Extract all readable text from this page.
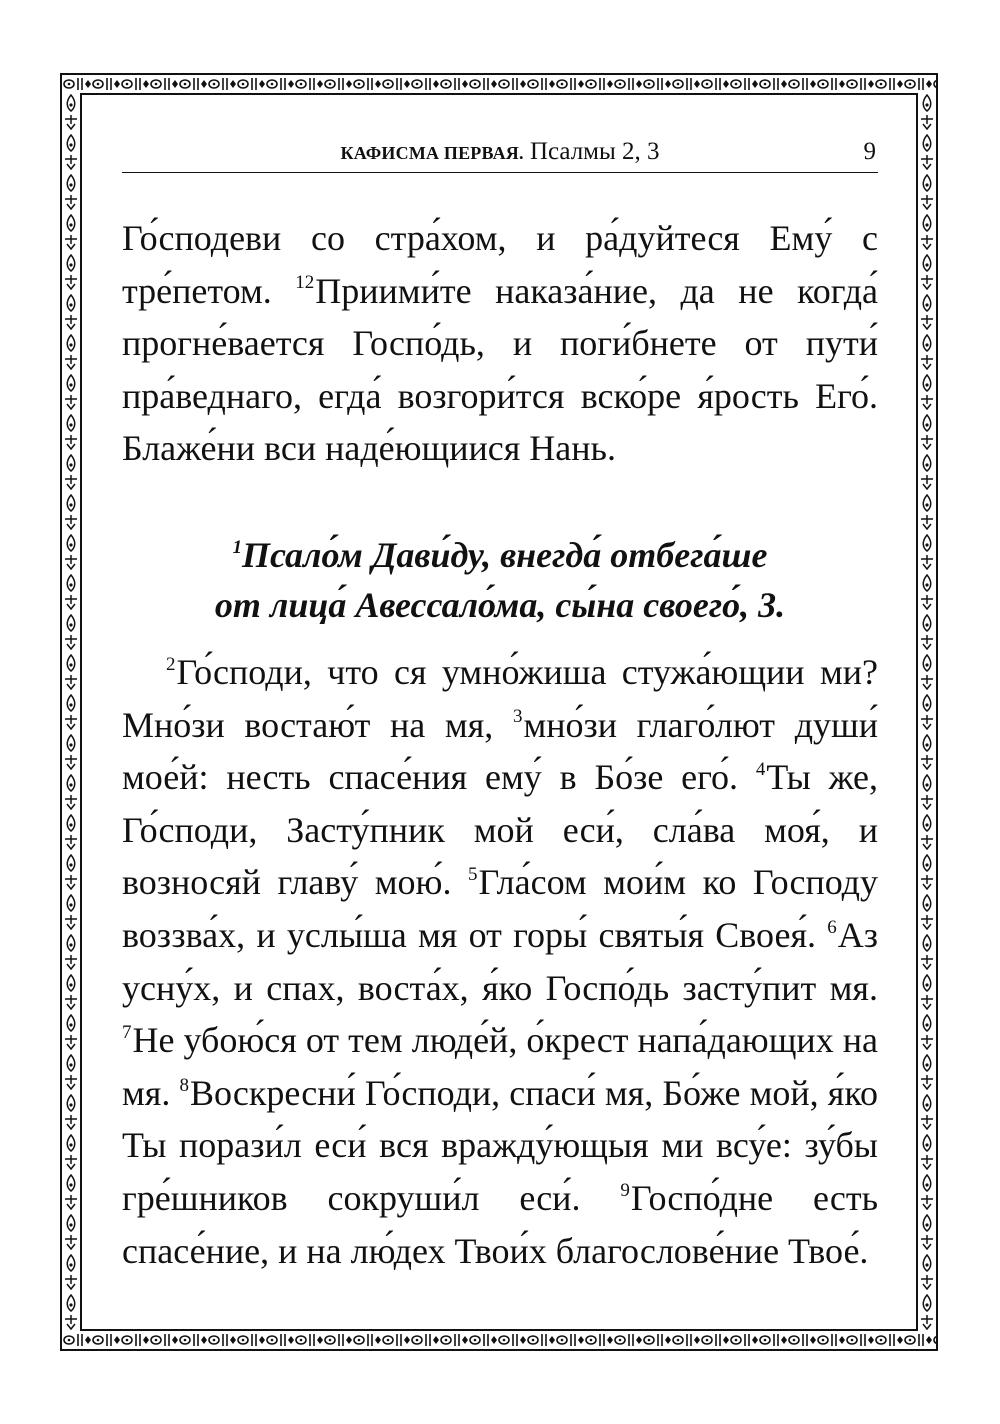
КАФИСМА ПЕРВАЯ. Псалмы 2, 3	9
Го́сподеви со стра́хом, и ра́дуйтеся Ему́ с тре́петом. $^{12}$Приими́те наказа́ние, да не когда́ прогне́вается Госпо́дь, и поги́бнете от пути́ пра́веднаго, егда́ возгори́тся вско́ре я́рость Его́. Блаже́ни вси наде́ющиися Нань.
$^1$Псало́м Дави́ду, внегда́ отбега́ше
от лица́ Авессало́ма, сы́на своего́, 3.
$^2$Го́споди, что ся умно́жиша стужа́ющии ми? Мно́зи востаю́т на мя, $^3$мно́зи глаго́лют души́ мое́й: несть спасе́ния ему́ в Бо́зе его́. $^4$Ты же, Го́споди, Засту́пник мой еси́, сла́ва моя́, и возносяй главу́ мою́. $^5$Гла́сом мои́м ко Господу воззва́х, и услы́ша мя от горы́ святы́я Своея́. $^6$Аз усну́х, и спах, воста́х, я́ко Госпо́дь засту́пит мя. $^7$Не убою́ся от тем люде́й, о́крест напа́дающих на мя. $^8$Воскресни́ Го́споди, спаси́ мя, Бо́же мой, я́ко Ты порази́л еси́ вся вражду́ющыя ми всу́е: зу́бы гре́шников сокруши́л еси́. $^9$Госпо́дне есть спасе́ние, и на лю́дех Твои́х благослове́ние Твое́.
